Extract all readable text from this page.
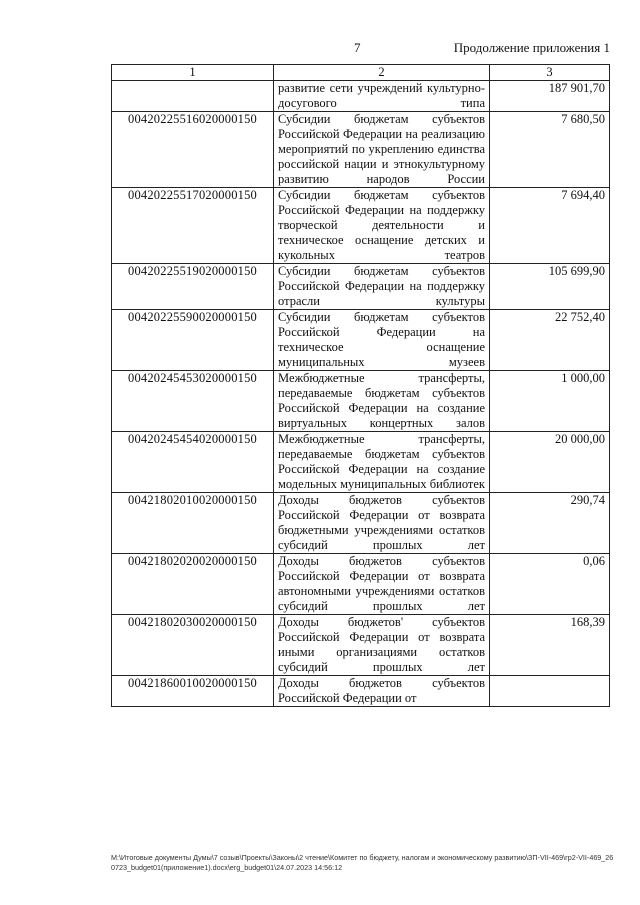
7	Продолжение приложения 1
1	2	3
	развитие сети учреждений культурно-досугового типа	187 901,70
00420225516020000150	Субсидии бюджетам субъектов Российской Федерации на реализацию мероприятий по укреплению единства российской нации и этнокультурному развитию народов России	7 680,50
00420225517020000150	Субсидии бюджетам субъектов Российской Федерации на поддержку творческой деятельности и техническое оснащение детских и кукольных театров	7 694,40
00420225519020000150	Субсидии бюджетам субъектов Российской Федерации на поддержку отрасли культуры	105 699,90
00420225590020000150	Субсидии бюджетам субъектов Российской Федерации на техническое оснащение муниципальных музеев	22 752,40
00420245453020000150	Межбюджетные трансферты, передаваемые бюджетам субъектов Российской Федерации на создание виртуальных концертных залов	1 000,00
00420245454020000150	Межбюджетные трансферты, передаваемые бюджетам субъектов Российской Федерации на создание модельных муниципальных библиотек	20 000,00
00421802010020000150	Доходы бюджетов субъектов Российской Федерации от возврата бюджетными учреждениями остатков субсидий прошлых лет	290,74
00421802020020000150	Доходы бюджетов субъектов Российской Федерации от возврата автономными учреждениями остатков субсидий прошлых лет	0,06
00421802030020000150	Доходы бюджетов' субъектов Российской Федерации от возврата иными организациями остатков субсидий прошлых лет	168,39
00421860010020000150	Доходы бюджетов субъектов Российской Федерации от	
М:\Итоговые документы Думы\7 созыв\Проекты\Законы\2 чтение\Комитет по бюджету, налогам и экономическому развитию\ЗП-VII-469\гр2-VII-469_260723_budget01(приложение1).docx\erg_budget01\24.07.2023 14:56:12
